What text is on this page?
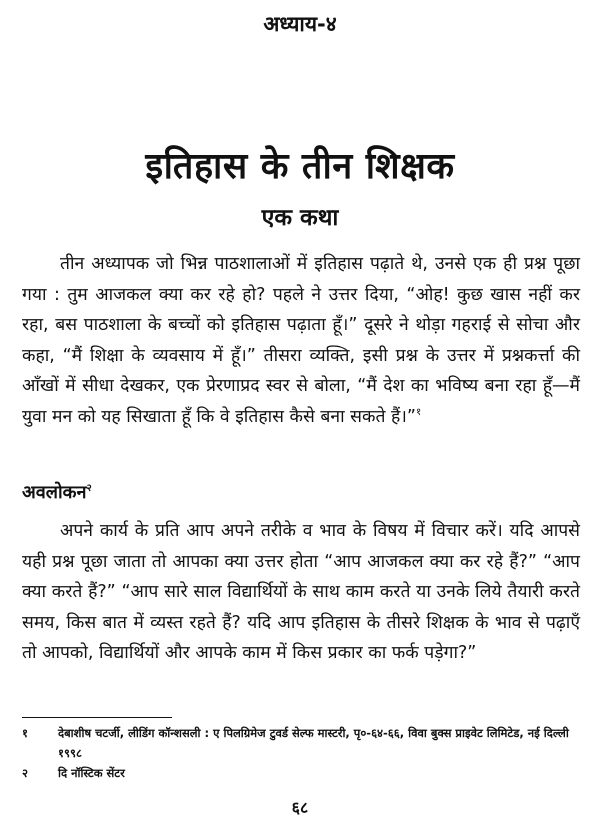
अध्याय-४
इतिहास के तीन शिक्षक
एक कथा

तीन अध्यापक जो भिन्न पाठशालाओं में इतिहास पढ़ाते थे, उनसे एक ही प्रश्न पूछा गया : तुम आजकल क्या कर रहे हो? पहले ने उत्तर दिया, “ओह! कुछ खास नहीं कर रहा, बस पाठशाला के बच्चों को इतिहास पढ़ाता हूँ।” दूसरे ने थोड़ा गहराई से सोचा और कहा, “मैं शिक्षा के व्यवसाय में हूँ।” तीसरा व्यक्ति, इसी प्रश्न के उत्तर में प्रश्नकर्त्ता की आँखों में सीधा देखकर, एक प्रेरणाप्रद स्वर से बोला, “मैं देश का भविष्य बना रहा हूँ—मैं युवा मन को यह सिखाता हूँ कि वे इतिहास कैसे बना सकते हैं।”$^१$

अवलोकन$^२$

अपने कार्य के प्रति आप अपने तरीके व भाव के विषय में विचार करें। यदि आपसे यही प्रश्न पूछा जाता तो आपका क्या उत्तर होता “आप आजकल क्या कर रहे हैं?” “आप क्या करते हैं?” “आप सारे साल विद्यार्थियों के साथ काम करते या उनके लिये तैयारी करते समय, किस बात में व्यस्त रहते हैं? यदि आप इतिहास के तीसरे शिक्षक के भाव से पढ़ाएँ तो आपको, विद्यार्थियों और आपके काम में किस प्रकार का फर्क पड़ेगा?”

१	देबाशीष चटर्जी, लीडिंग कॉन्शसली : ए पिलग्रिमेज टुवर्ड सेल्फ मास्टरी, पृ०-६४-६६, विवा बुक्स प्राइवेट लिमिटेड, नई दिल्ली १९९८
२	दि नॉस्टिक सेंटर
६८
